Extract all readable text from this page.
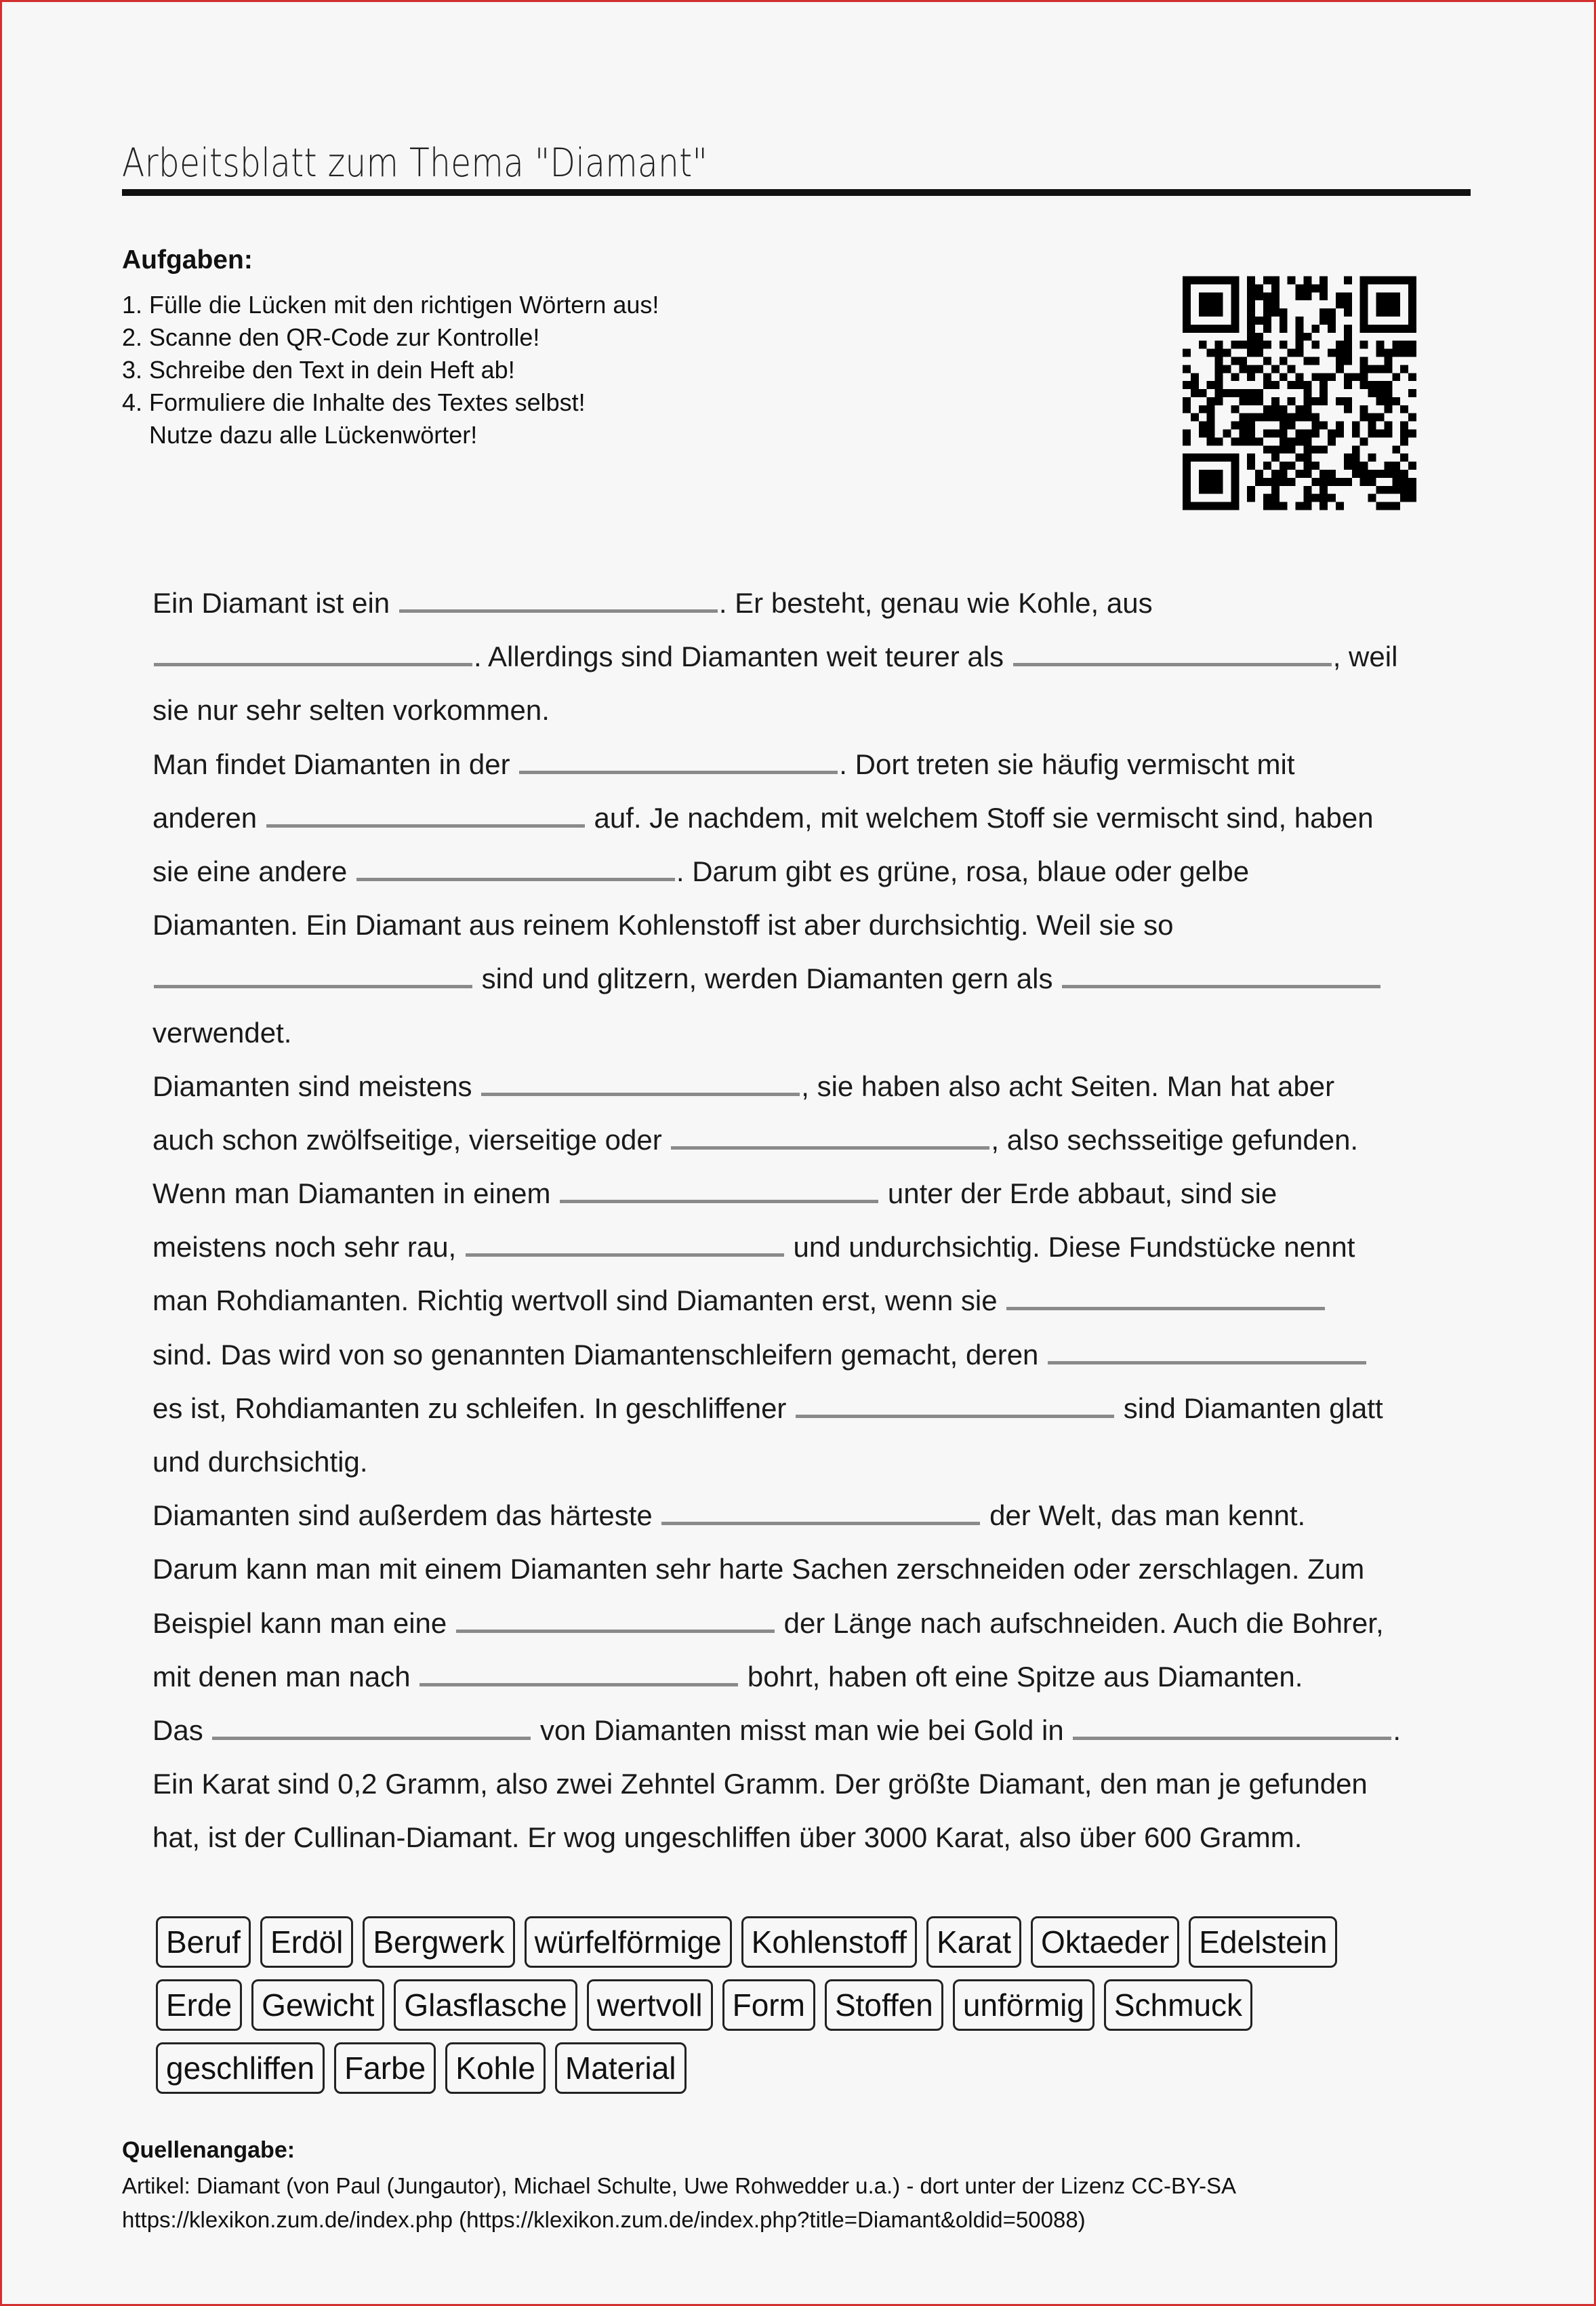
Arbeitsblatt zum Thema "Diamant"
Aufgaben:
1. Fülle die Lücken mit den richtigen Wörtern aus!
2. Scanne den QR-Code zur Kontrolle!
3. Schreibe den Text in dein Heft ab!
4. Formuliere die Inhalte des Textes selbst!
Nutze dazu alle Lückenwörter!
Ein Diamant ist ein	. Er besteht, genau wie Kohle, aus
. Allerdings sind Diamanten weit teurer als	, weil
sie nur sehr selten vorkommen.
Man findet Diamanten in der	. Dort treten sie häufig vermischt mit
anderen	auf. Je nachdem, mit welchem Stoff sie vermischt sind, haben
sie eine andere	. Darum gibt es grüne, rosa, blaue oder gelbe
Diamanten. Ein Diamant aus reinem Kohlenstoff ist aber durchsichtig. Weil sie so
sind und glitzern, werden Diamanten gern als
verwendet.
Diamanten sind meistens	, sie haben also acht Seiten. Man hat aber
auch schon zwölfseitige, vierseitige oder	, also sechsseitige gefunden.
Wenn man Diamanten in einem	unter der Erde abbaut, sind sie
meistens noch sehr rau,	und undurchsichtig. Diese Fundstücke nennt
man Rohdiamanten. Richtig wertvoll sind Diamanten erst, wenn sie
sind. Das wird von so genannten Diamantenschleifern gemacht, deren
es ist, Rohdiamanten zu schleifen. In geschliffener	sind Diamanten glatt
und durchsichtig.
Diamanten sind außerdem das härteste	der Welt, das man kennt.
Darum kann man mit einem Diamanten sehr harte Sachen zerschneiden oder zerschlagen. Zum
Beispiel kann man eine	der Länge nach aufschneiden. Auch die Bohrer,
mit denen man nach	bohrt, haben oft eine Spitze aus Diamanten.
Das	von Diamanten misst man wie bei Gold in	.
Ein Karat sind 0,2 Gramm, also zwei Zehntel Gramm. Der größte Diamant, den man je gefunden
hat, ist der Cullinan-Diamant. Er wog ungeschliffen über 3000 Karat, also über 600 Gramm.
Beruf Erdöl Bergwerk würfelförmige Kohlenstoff Karat Oktaeder Edelstein
Erde Gewicht Glasflasche wertvoll Form Stoffen unförmig Schmuck
geschliffen Farbe Kohle Material
Quellenangabe:
Artikel: Diamant (von Paul (Jungautor), Michael Schulte, Uwe Rohwedder u.a.) - dort unter der Lizenz CC-BY-SA
https://klexikon.zum.de/index.php (https://klexikon.zum.de/index.php?title=Diamant&oldid=50088)
